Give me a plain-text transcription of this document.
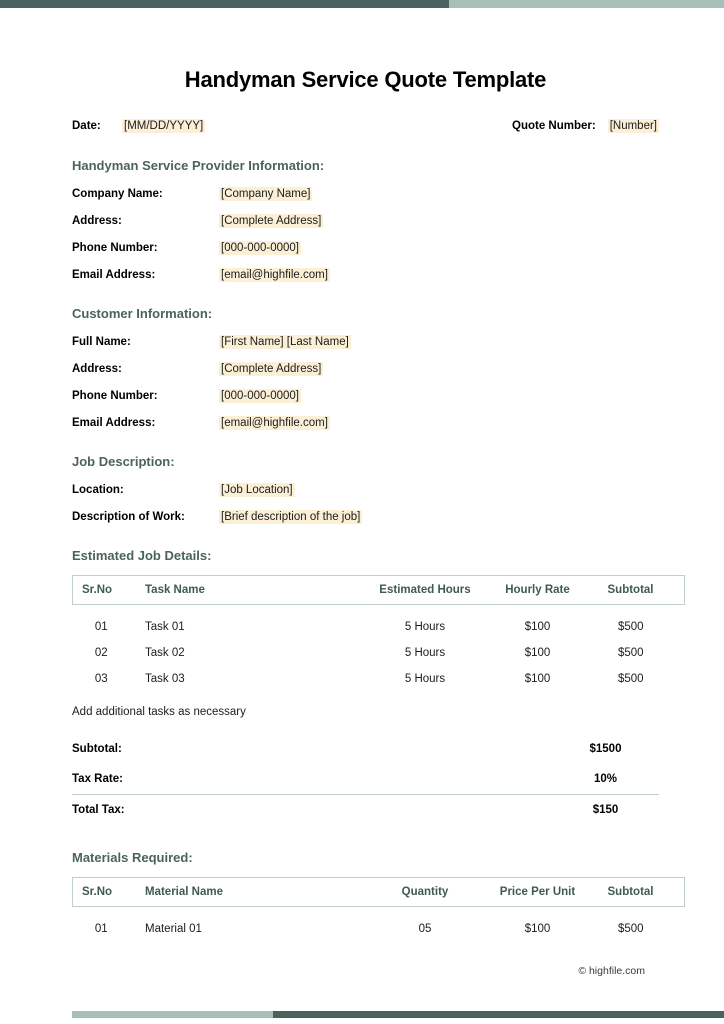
Handyman Service Quote Template
Date:	[MM/DD/YYYY]	Quote Number: [Number]
Handyman Service Provider Information:
Company Name:	[Company Name]
Address:	[Complete Address]
Phone Number:	[000-000-0000]
Email Address:	[email@highfile.com]
Customer Information:
Full Name:	[First Name] [Last Name]
Address:	[Complete Address]
Phone Number:	[000-000-0000]
Email Address:	[email@highfile.com]
Job Description:
Location:	[Job Location]
Description of Work:	[Brief description of the job]
Estimated Job Details:
Sr.No	Task Name	Estimated Hours	Hourly Rate	Subtotal
01	Task 01	5 Hours	$100	$500
02	Task 02	5 Hours	$100	$500
03	Task 03	5 Hours	$100	$500
Add additional tasks as necessary
Subtotal:	$1500
Tax Rate:	10%
Total Tax:	$150
Materials Required:
Sr.No	Material Name	Quantity	Price Per Unit	Subtotal
01	Material 01	05	$100	$500
© highfile.com
